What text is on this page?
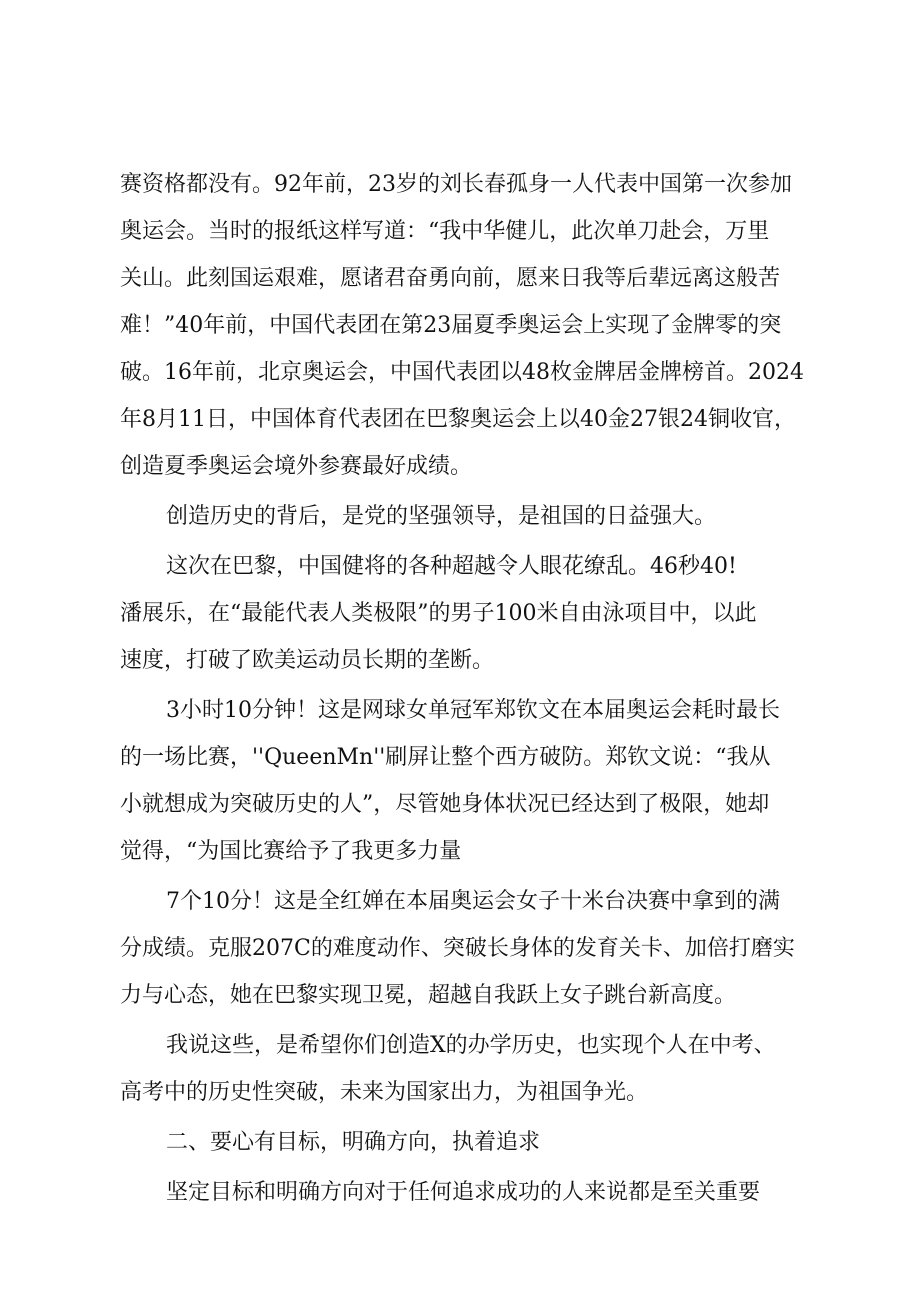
赛资格都没有。92年前，23岁的刘长春孤身一人代表中国第一次参加
奥运会。当时的报纸这样写道：“我中华健儿，此次单刀赴会，万里
关山。此刻国运艰难，愿诸君奋勇向前，愿来日我等后辈远离这般苦
难！”40年前，中国代表团在第23届夏季奥运会上实现了金牌零的突
破。16年前，北京奥运会，中国代表团以48枚金牌居金牌榜首。2024
年8月11日，中国体育代表团在巴黎奥运会上以40金27银24铜收官，
创造夏季奥运会境外参赛最好成绩。
创造历史的背后，是党的坚强领导，是祖国的日益强大。
这次在巴黎，中国健将的各种超越令人眼花缭乱。46秒40!
潘展乐，在“最能代表人类极限”的男子100米自由泳项目中，以此
速度，打破了欧美运动员长期的垄断。
3小时10分钟！这是网球女单冠军郑钦文在本届奥运会耗时最长
的一场比赛，''QueenMn''刷屏让整个西方破防。郑钦文说：“我从
小就想成为突破历史的人”，尽管她身体状况已经达到了极限，她却
觉得，“为国比赛给予了我更多力量
7个10分！这是全红婵在本届奥运会女子十米台决赛中拿到的满
分成绩。克服207C的难度动作、突破长身体的发育关卡、加倍打磨实
力与心态，她在巴黎实现卫冕，超越自我跃上女子跳台新高度。
我说这些，是希望你们创造X的办学历史，也实现个人在中考、
高考中的历史性突破，未来为国家出力，为祖国争光。
二、要心有目标，明确方向，执着追求
坚定目标和明确方向对于任何追求成功的人来说都是至关重要
